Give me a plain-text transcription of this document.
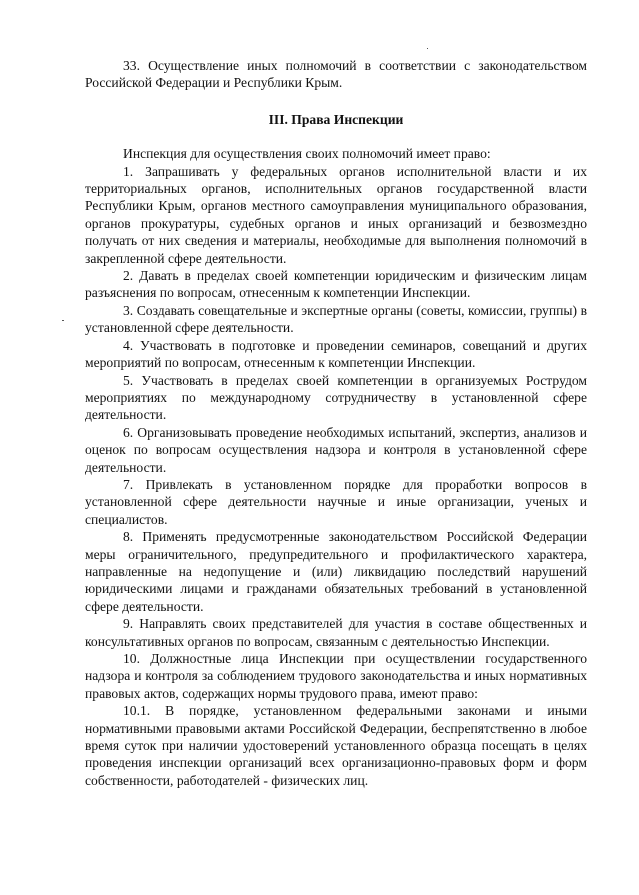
33. Осуществление иных полномочий в соответствии с законодательством Российской Федерации и Республики Крым.

III. Права Инспекции

Инспекция для осуществления своих полномочий имеет право:

1. Запрашивать у федеральных органов исполнительной власти и их территориальных органов, исполнительных органов государственной власти Республики Крым, органов местного самоуправления муниципального образования, органов прокуратуры, судебных органов и иных организаций и безвозмездно получать от них сведения и материалы, необходимые для выполнения полномочий в закрепленной сфере деятельности.

2. Давать в пределах своей компетенции юридическим и физическим лицам разъяснения по вопросам, отнесенным к компетенции Инспекции.

3. Создавать совещательные и экспертные органы (советы, комиссии, группы) в установленной сфере деятельности.

4. Участвовать в подготовке и проведении семинаров, совещаний и других мероприятий по вопросам, отнесенным к компетенции Инспекции.

5. Участвовать в пределах своей компетенции в организуемых Рострудом мероприятиях по международному сотрудничеству в установленной сфере деятельности.

6. Организовывать проведение необходимых испытаний, экспертиз, анализов и оценок по вопросам осуществления надзора и контроля в установленной сфере деятельности.

7. Привлекать в установленном порядке для проработки вопросов в установленной сфере деятельности научные и иные организации, ученых и специалистов.

8. Применять предусмотренные законодательством Российской Федерации меры ограничительного, предупредительного и профилактического характера, направленные на недопущение и (или) ликвидацию последствий нарушений юридическими лицами и гражданами обязательных требований в установленной сфере деятельности.

9. Направлять своих представителей для участия в составе общественных и консультативных органов по вопросам, связанным с деятельностью Инспекции.

10. Должностные лица Инспекции при осуществлении государственного надзора и контроля за соблюдением трудового законодательства и иных нормативных правовых актов, содержащих нормы трудового права, имеют право:

10.1. В порядке, установленном федеральными законами и иными нормативными правовыми актами Российской Федерации, беспрепятственно в любое время суток при наличии удостоверений установленного образца посещать в целях проведения инспекции организаций всех организационно-правовых форм и форм собственности, работодателей - физических лиц.
